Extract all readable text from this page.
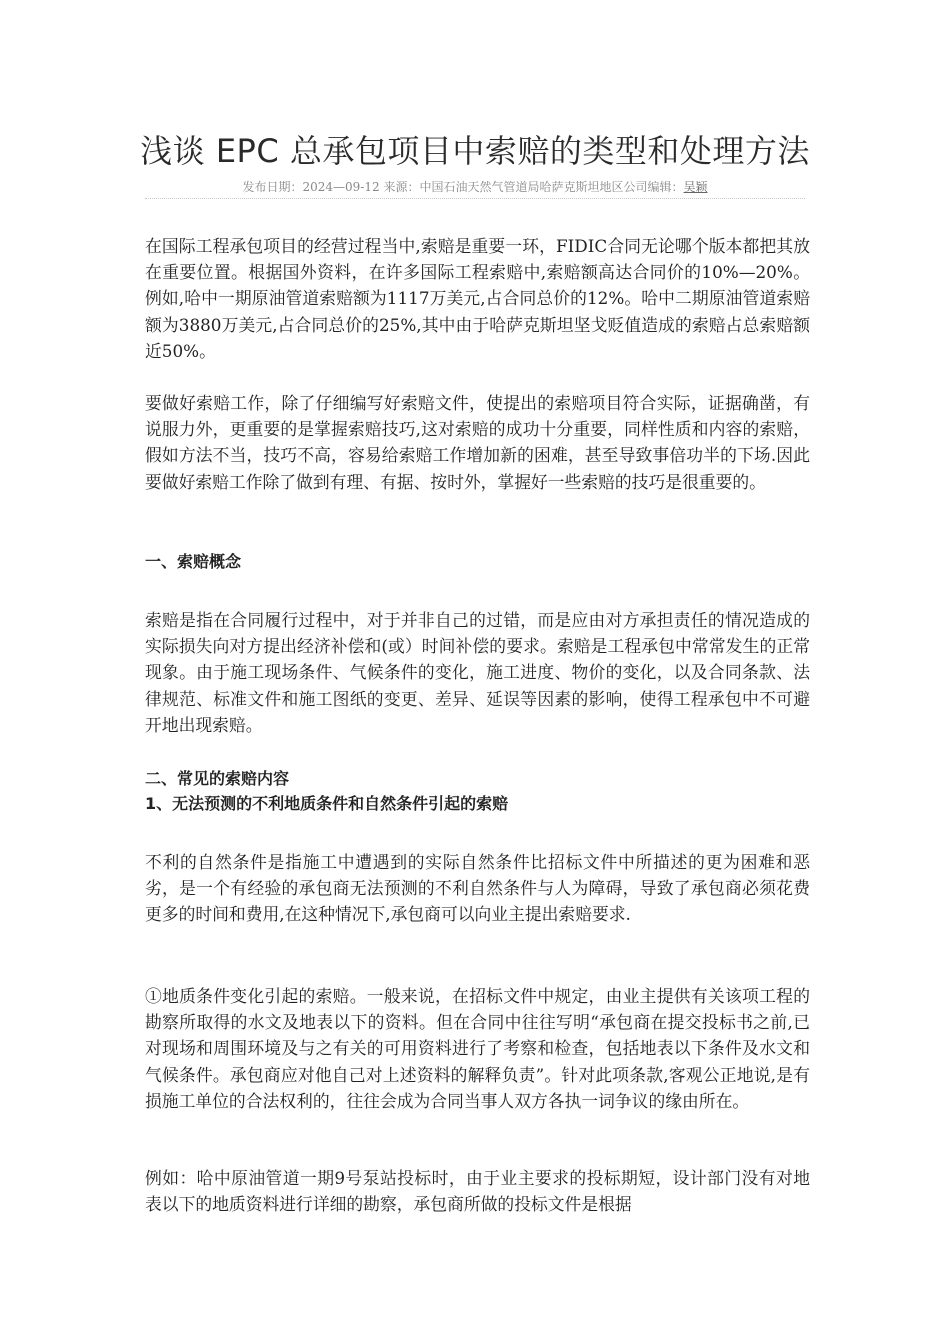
浅谈 EPC 总承包项目中索赔的类型和处理方法
发布日期：2024—09-12 来源：中国石油天然气管道局哈萨克斯坦地区公司编辑：吴颖

在国际工程承包项目的经营过程当中,索赔是重要一环，FIDIC合同无论哪个版本都把其放在重要位置。根据国外资料，在许多国际工程索赔中,索赔额高达合同价的10%—20%。例如,哈中一期原油管道索赔额为1117万美元,占合同总价的12%。哈中二期原油管道索赔额为3880万美元,占合同总价的25%,其中由于哈萨克斯坦坚戈贬值造成的索赔占总索赔额近50%。

要做好索赔工作，除了仔细编写好索赔文件，使提出的索赔项目符合实际，证据确凿，有说服力外，更重要的是掌握索赔技巧,这对索赔的成功十分重要，同样性质和内容的索赔，假如方法不当，技巧不高，容易给索赔工作增加新的困难，甚至导致事倍功半的下场.因此要做好索赔工作除了做到有理、有据、按时外，掌握好一些索赔的技巧是很重要的。

一、索赔概念

索赔是指在合同履行过程中，对于并非自己的过错，而是应由对方承担责任的情况造成的实际损失向对方提出经济补偿和(或）时间补偿的要求。索赔是工程承包中常常发生的正常现象。由于施工现场条件、气候条件的变化，施工进度、物价的变化，以及合同条款、法律规范、标准文件和施工图纸的变更、差异、延误等因素的影响，使得工程承包中不可避开地出现索赔。

二、常见的索赔内容
1、无法预测的不利地质条件和自然条件引起的索赔

不利的自然条件是指施工中遭遇到的实际自然条件比招标文件中所描述的更为困难和恶劣，是一个有经验的承包商无法预测的不利自然条件与人为障碍，导致了承包商必须花费更多的时间和费用,在这种情况下,承包商可以向业主提出索赔要求.

①地质条件变化引起的索赔。一般来说，在招标文件中规定，由业主提供有关该项工程的勘察所取得的水文及地表以下的资料。但在合同中往往写明“承包商在提交投标书之前,已对现场和周围环境及与之有关的可用资料进行了考察和检查，包括地表以下条件及水文和气候条件。承包商应对他自己对上述资料的解释负责”。针对此项条款,客观公正地说,是有损施工单位的合法权利的，往往会成为合同当事人双方各执一词争议的缘由所在。

例如：哈中原油管道一期9号泵站投标时，由于业主要求的投标期短，设计部门没有对地表以下的地质资料进行详细的勘察，承包商所做的投标文件是根据
